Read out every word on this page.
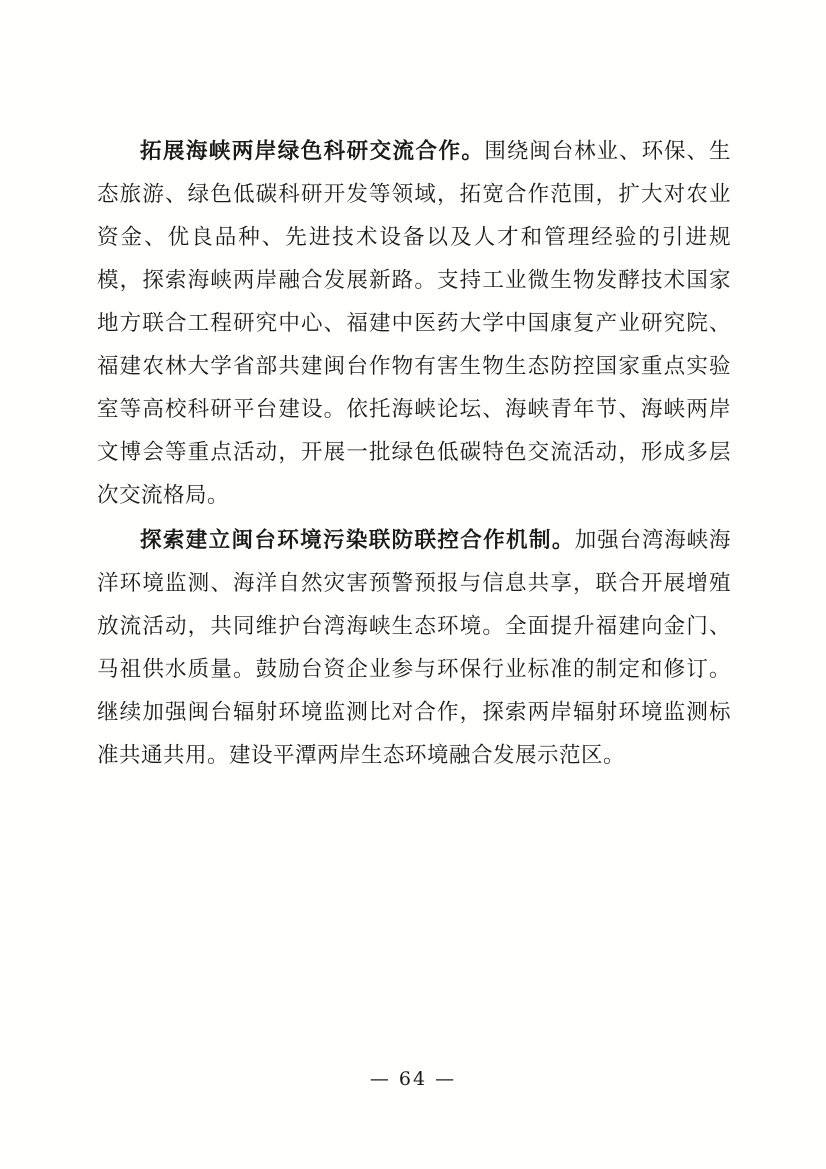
拓展海峡两岸绿色科研交流合作。围绕闽台林业、环保、生态旅游、绿色低碳科研开发等领域，拓宽合作范围，扩大对农业资金、优良品种、先进技术设备以及人才和管理经验的引进规模，探索海峡两岸融合发展新路。支持工业微生物发酵技术国家地方联合工程研究中心、福建中医药大学中国康复产业研究院、福建农林大学省部共建闽台作物有害生物生态防控国家重点实验室等高校科研平台建设。依托海峡论坛、海峡青年节、海峡两岸文博会等重点活动，开展一批绿色低碳特色交流活动，形成多层次交流格局。

探索建立闽台环境污染联防联控合作机制。加强台湾海峡海洋环境监测、海洋自然灾害预警预报与信息共享，联合开展增殖放流活动，共同维护台湾海峡生态环境。全面提升福建向金门、马祖供水质量。鼓励台资企业参与环保行业标准的制定和修订。继续加强闽台辐射环境监测比对合作，探索两岸辐射环境监测标准共通共用。建设平潭两岸生态环境融合发展示范区。

— 64 —
